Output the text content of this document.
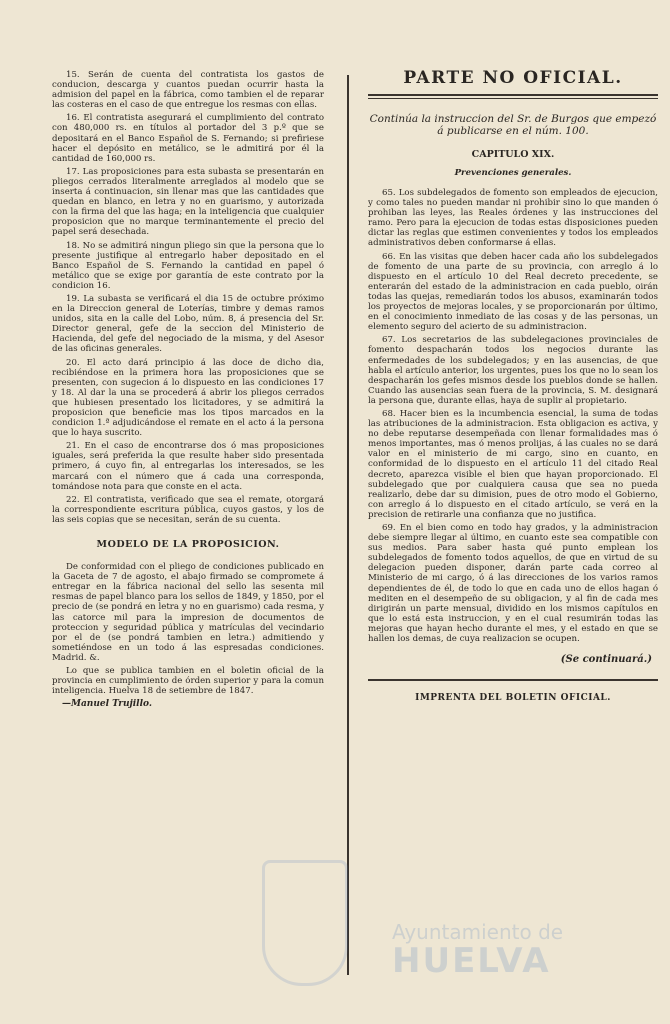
15. Serán de cuenta del contratista los gastos de conducion, descarga y cuantos puedan ocurrir hasta la admision del papel en la fábrica, como tambien el de reparar las costeras en el caso de que entregue los resmas con ellas.

16. El contratista asegurará el cumplimiento del contrato con 480,000 rs. en títulos al portador del 3 p.º que se depositará en el Banco Español de S. Fernando; si prefiriese hacer el depósito en metálico, se le admitirá por él la cantidad de 160,000 rs.

17. Las proposiciones para esta subasta se presentarán en pliegos cerrados literalmente arreglados al modelo que se inserta á continuacion, sin llenar mas que las cantidades que quedan en blanco, en letra y no en guarismo, y autorizada con la firma del que las haga; en la inteligencia que cualquier proposicion que no marque terminantemente el precio del papel será desechada.

18. No se admitirá ningun pliego sin que la persona que lo presente justifique al entregarlo haber depositado en el Banco Español de S. Fernando la cantidad en papel ó metálico que se exige por garantía de este contrato por la condicion 16.

19. La subasta se verificará el dia 15 de octubre próximo en la Direccion general de Loterías, timbre y demas ramos unidos, sita en la calle del Lobo, núm. 8, á presencia del Sr. Director general, gefe de la seccion del Ministerio de Hacienda, del gefe del negociado de la misma, y del Asesor de las oficinas generales.

20. El acto dará principio á las doce de dicho dia, recibiéndose en la primera hora las proposiciones que se presenten, con sugecion á lo dispuesto en las condiciones 17 y 18. Al dar la una se procederá á abrir los pliegos cerrados que hubiesen presentado los licitadores, y se admitirá la proposicion que beneficie mas los tipos marcados en la condicion 1.ª adjudicándose el remate en el acto á la persona que lo haya suscrito.

21. En el caso de encontrarse dos ó mas proposiciones iguales, será preferida la que resulte haber sido presentada primero, á cuyo fin, al entregarlas los interesados, se les marcará con el número que á cada una corresponda, tomándose nota para que conste en el acta.

22. El contratista, verificado que sea el remate, otorgará la correspondiente escritura pública, cuyos gastos, y los de las seis copias que se necesitan, serán de su cuenta.

MODELO DE LA PROPOSICION.

De conformidad con el pliego de condiciones publicado en la Gaceta de 7 de agosto, el abajo firmado se compromete á entregar en la fábrica nacional del sello las sesenta mil resmas de papel blanco para los sellos de 1849, y 1850, por el precio de (se pondrá en letra y no en guarismo) cada resma, y las catorce mil para la impresion de documentos de proteccion y seguridad pública y matrículas del vecindario por el de (se pondrá tambien en letra.) admitiendo y sometiéndose en un todo á las espresadas condiciones. Madrid. &.

Lo que se publica tambien en el boletin oficial de la provincia en cumplimiento de órden superior y para la comun inteligencia. Huelva 18 de setiembre de 1847.

—Manuel Trujillo.
PARTE NO OFICIAL.
Continúa la instruccion del Sr. de Burgos que empezó á publicarse en el núm. 100.
CAPITULO XIX.
Prevenciones generales.

65. Los subdelegados de fomento son empleados de ejecucion, y como tales no pueden mandar ni prohibir sino lo que manden ó prohiban las leyes, las Reales órdenes y las instrucciones del ramo. Pero para la ejecucion de todas estas disposiciones pueden dictar las reglas que estimen convenientes y todos los empleados administrativos deben conformarse á ellas.

66. En las visitas que deben hacer cada año los subdelegados de fomento de una parte de su provincia, con arreglo á lo dispuesto en el artículo 10 del Real decreto precedente, se enterarán del estado de la administracion en cada pueblo, oirán todas las quejas, remediarán todos los abusos, examinarán todos los proyectos de mejoras locales, y se proporcionarán por último, en el conocimiento inmediato de las cosas y de las personas, un elemento seguro del acierto de su administracion.

67. Los secretarios de las subdelegaciones provinciales de fomento despacharán todos los negocios durante las enfermedades de los subdelegados; y en las ausencias, de que habla el artículo anterior, los urgentes, pues los que no lo sean los despacharán los gefes mismos desde los pueblos donde se hallen. Cuando las ausencias sean fuera de la provincia, S. M. designará la persona que, durante ellas, haya de suplir al propietario.

68. Hacer bien es la incumbencia esencial, la suma de todas las atribuciones de la administracion. Esta obligacion es activa, y no debe reputarse desempeñada con llenar formalidades mas ó menos importantes, mas ó menos prolijas, á las cuales no se dará valor en el ministerio de mi cargo, sino en cuanto, en conformidad de lo dispuesto en el artículo 11 del citado Real decreto, aparezca visible el bien que hayan proporcionado. El subdelegado que por cualquiera causa que sea no pueda realizarlo, debe dar su dimision, pues de otro modo el Gobierno, con arreglo á lo dispuesto en el citado artículo, se verá en la precision de retirarle una confianza que no justifica.

69. En el bien como en todo hay grados, y la administracion debe siempre llegar al último, en cuanto este sea compatible con sus medios. Para saber hasta qué punto emplean los subdelegados de fomento todos aquellos, de que en virtud de su delegacion pueden disponer, darán parte cada correo al Ministerio de mi cargo, ó á las direcciones de los varios ramos dependientes de él, de todo lo que en cada uno de ellos hagan ó mediten en el desempeño de su obligacion, y al fin de cada mes dirigirán un parte mensual, dividido en los mismos capítulos en que lo está esta instruccion, y en el cual resumirán todas las mejoras que hayan hecho durante el mes, y el estado en que se hallen los demas, de cuya realizacion se ocupen.

(Se continuará.)
IMPRENTA DEL BOLETIN OFICIAL.
Ayuntamiento de
HUELVA
